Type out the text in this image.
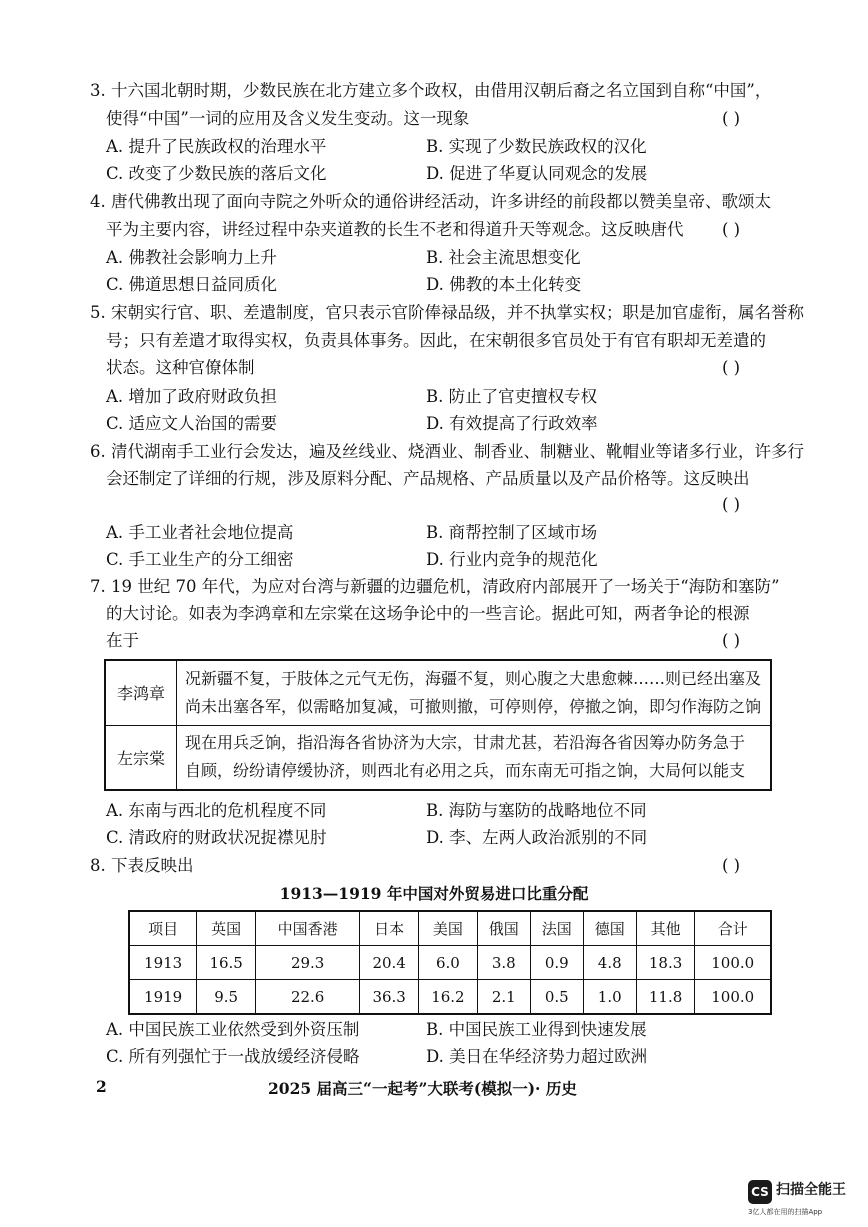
3. 十六国北朝时期，少数民族在北方建立多个政权，由借用汉朝后裔之名立国到自称“中国”，
使得“中国”一词的应用及含义发生变动。这一现象	( )
A. 提升了民族政权的治理水平	B. 实现了少数民族政权的汉化
C. 改变了少数民族的落后文化	D. 促进了华夏认同观念的发展
4. 唐代佛教出现了面向寺院之外听众的通俗讲经活动，许多讲经的前段都以赞美皇帝、歌颂太
平为主要内容，讲经过程中杂夹道教的长生不老和得道升天等观念。这反映唐代 ( )
A. 佛教社会影响力上升	B. 社会主流思想变化
C. 佛道思想日益同质化	D. 佛教的本土化转变
5. 宋朝实行官、职、差遣制度，官只表示官阶俸禄品级，并不执掌实权；职是加官虚衔，属名誉称
号；只有差遣才取得实权，负责具体事务。因此，在宋朝很多官员处于有官有职却无差遣的
状态。这种官僚体制	( )
A. 增加了政府财政负担	B. 防止了官吏擅权专权
C. 适应文人治国的需要	D. 有效提高了行政效率
6. 清代湖南手工业行会发达，遍及丝线业、烧酒业、制香业、制糖业、靴帽业等诸多行业，许多行
会还制定了详细的行规，涉及原料分配、产品规格、产品质量以及产品价格等。这反映出
( )
A. 手工业者社会地位提高	B. 商帮控制了区域市场
C. 手工业生产的分工细密	D. 行业内竞争的规范化
7. 19 世纪 70 年代，为应对台湾与新疆的边疆危机，清政府内部展开了一场关于“海防和塞防”
的大讨论。如表为李鸿章和左宗棠在这场争论中的一些言论。据此可知，两者争论的根源
在于	( )
李鸿章	况新疆不复，于肢体之元气无伤，海疆不复，则心腹之大患愈棘……则已经出塞及
尚未出塞各军，似需略加复减，可撤则撤，可停则停，停撤之饷，即匀作海防之饷

左宗棠	现在用兵乏饷，指沿海各省协济为大宗，甘肃尤甚，若沿海各省因筹办防务急于
自顾，纷纷请停缓协济，则西北有必用之兵，而东南无可指之饷，大局何以能支
A. 东南与西北的危机程度不同	B. 海防与塞防的战略地位不同
C. 清政府的财政状况捉襟见肘	D. 李、左两人政治派别的不同
8. 下表反映出	( )
1913—1919 年中国对外贸易进口比重分配
项目	英国	中国香港	日本	美国	俄国	法国	德国	其他	合计
1913	16.5	29.3	20.4	6.0	3.8	0.9	4.8	18.3	100.0
1919	9.5	22.6	36.3	16.2	2.1	0.5	1.0	11.8	100.0
A. 中国民族工业依然受到外资压制	B. 中国民族工业得到快速发展
C. 所有列强忙于一战放缓经济侵略	D. 美日在华经济势力超过欧洲
2	2025 届高三“一起考”大联考(模拟一)· 历史
CS 扫描全能王
3亿人都在用的扫描App
